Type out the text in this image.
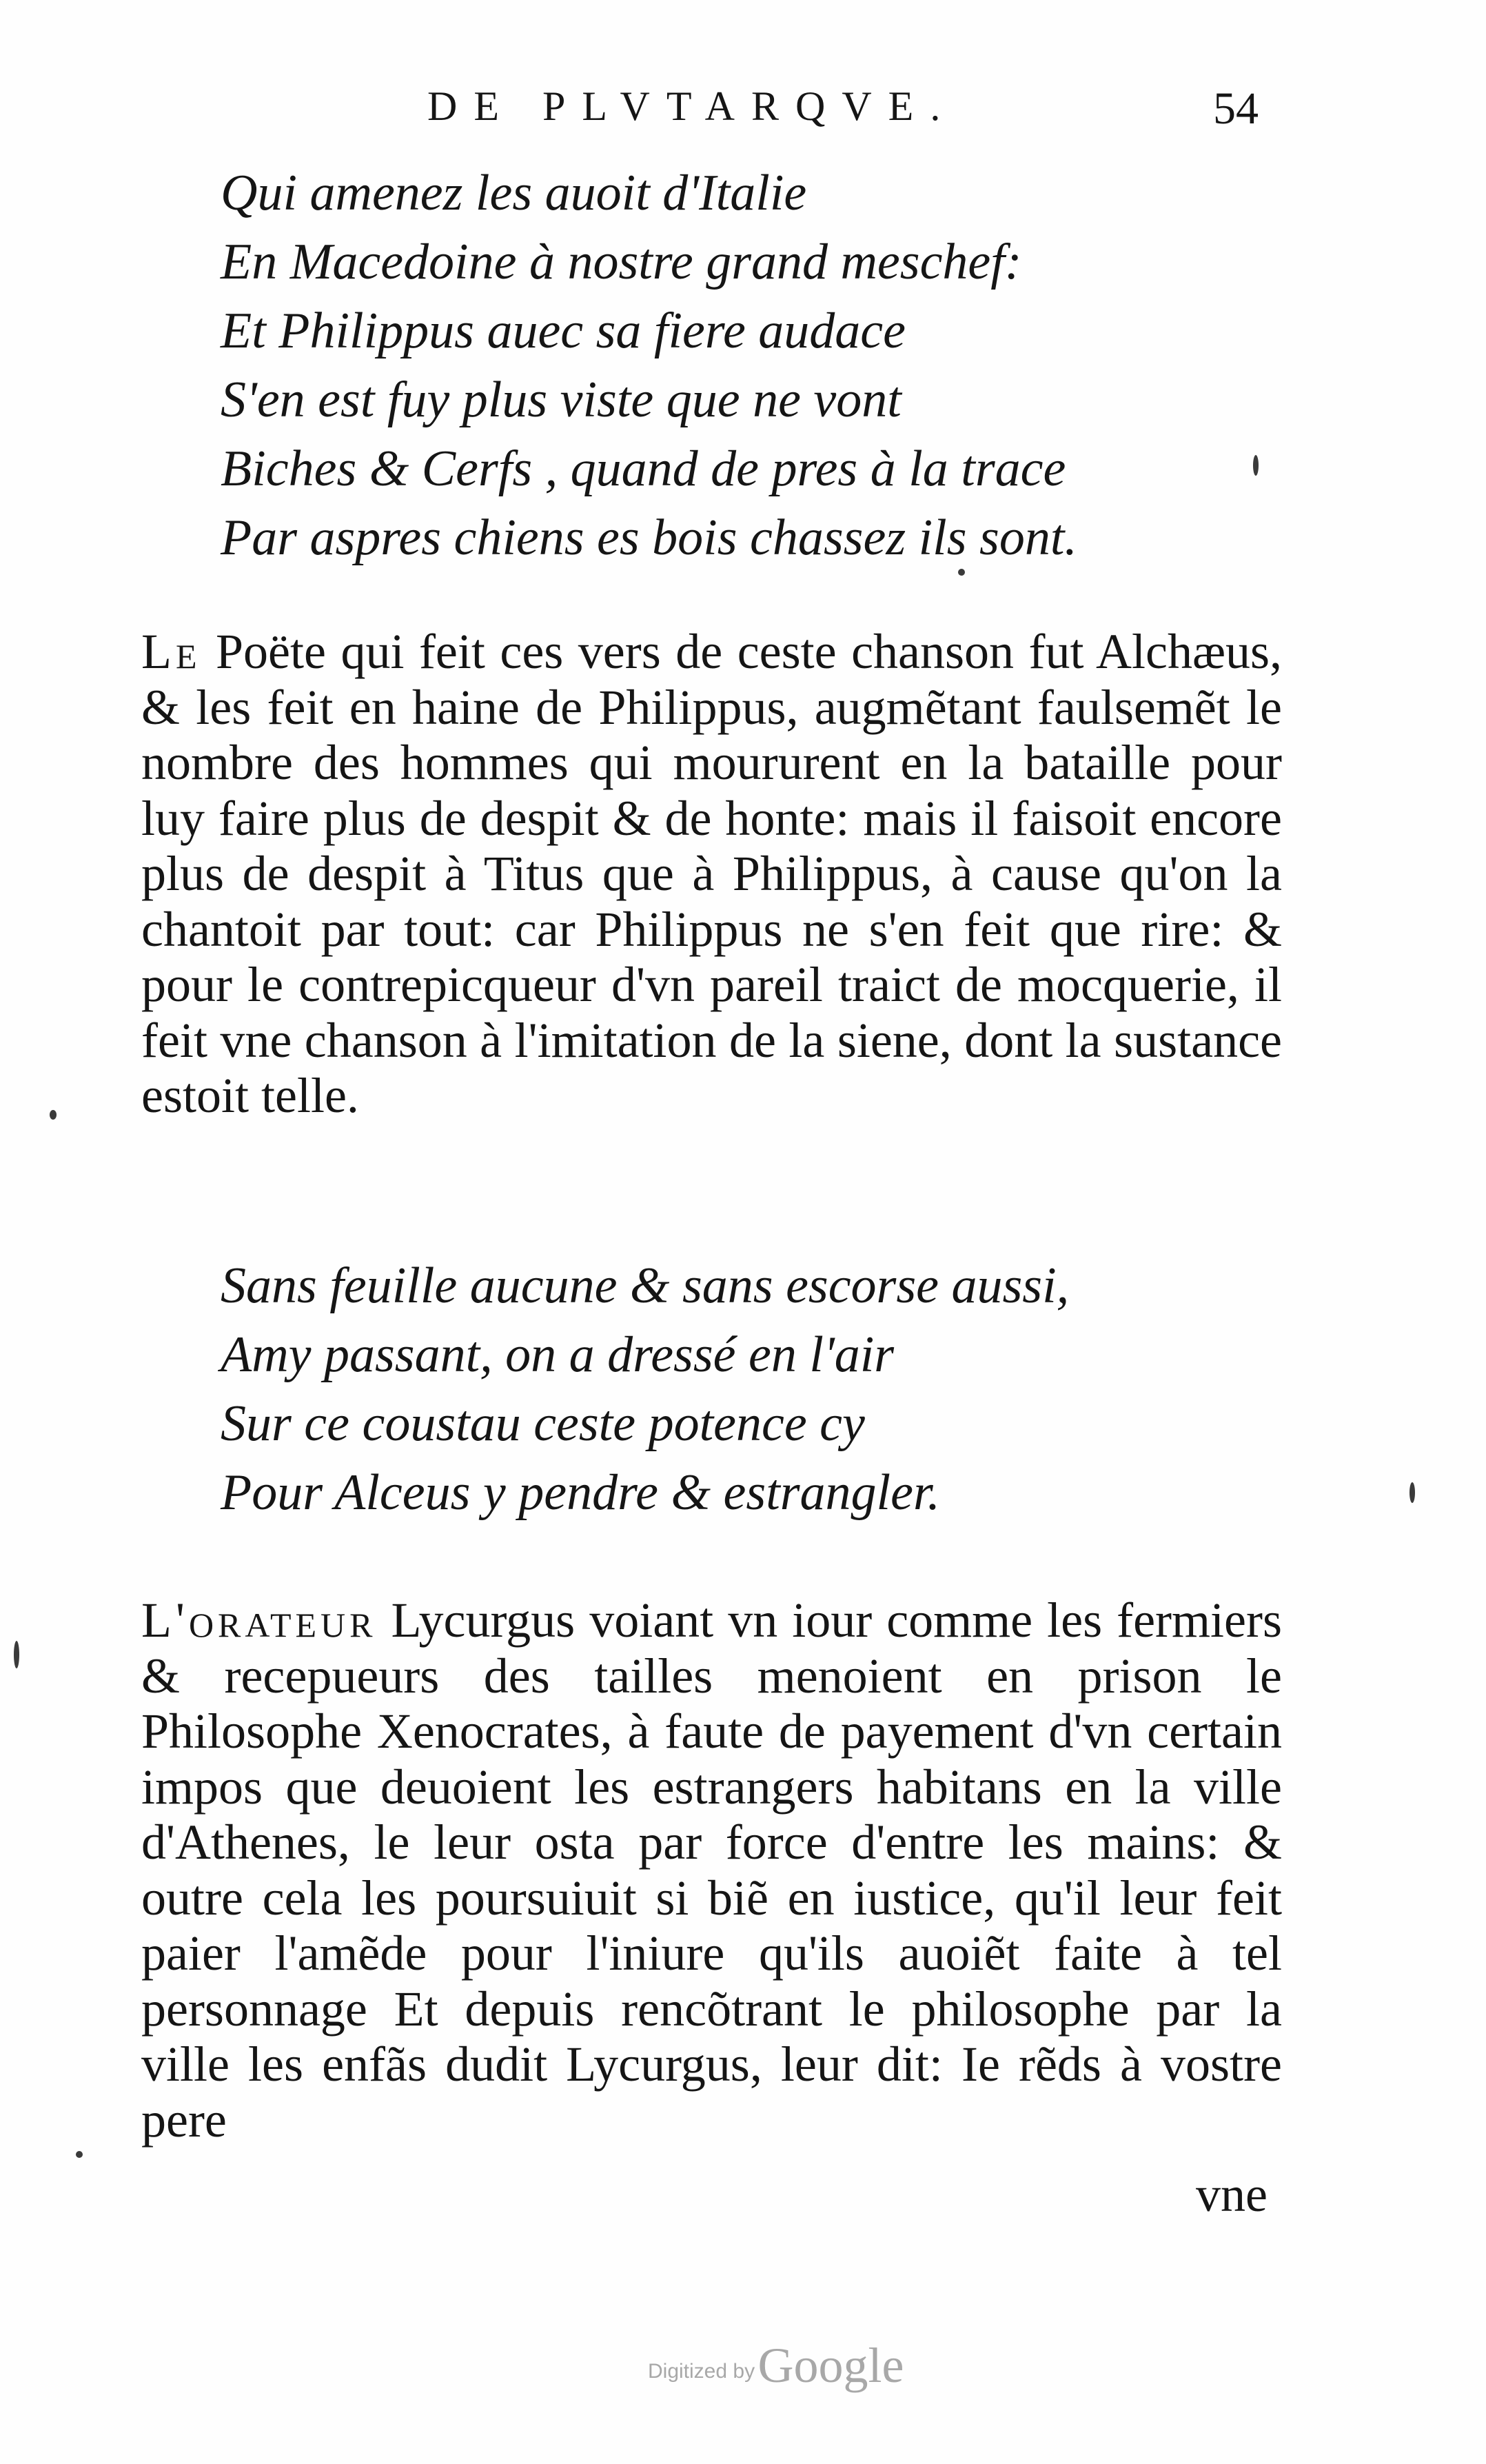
DE PLVTARQVE.	54
Qui amenez les auoit d'Italie
En Macedoine à nostre grand meschef:
Et Philippus auec sa fiere audace
S'en est fuy plus viste que ne vont
Biches & Cerfs , quand de pres à la trace
Par aspres chiens es bois chassez ils sont.
Le Poëte qui feit ces vers de ceste chanson fut Alchæus, & les feit en haine de Philippus, augmẽtant faulsemẽt le nombre des hommes qui moururent en la bataille pour luy faire plus de despit & de honte: mais il faisoit encore plus de despit à Titus que à Philippus, à cause qu'on la chantoit par tout: car Philippus ne s'en feit que rire: & pour le contrepicqueur d'vn pareil traict de mocquerie, il feit vne chanson à l'imitation de la siene, dont la sustance estoit telle.
Sans feuille aucune & sans escorse aussi,
Amy passant, on a dressé en l'air
Sur ce coustau ceste potence cy
Pour Alceus y pendre & estrangler.
L'orateur Lycurgus voiant vn iour comme les fermiers & recepueurs des tailles menoient en prison le Philosophe Xenocrates, à faute de payement d'vn certain impos que deuoient les estrangers habitans en la ville d'Athenes, le leur osta par force d'entre les mains: & outre cela les poursuiuit si biẽ en iustice, qu'il leur feit paier l'amẽde pour l'iniure qu'ils auoiẽt faite à tel personnage Et depuis rencõtrant le philosophe par la ville les enfãs dudit Lycurgus, leur dit: Ie rẽds à vostre pere
vne
Digitized by Google
